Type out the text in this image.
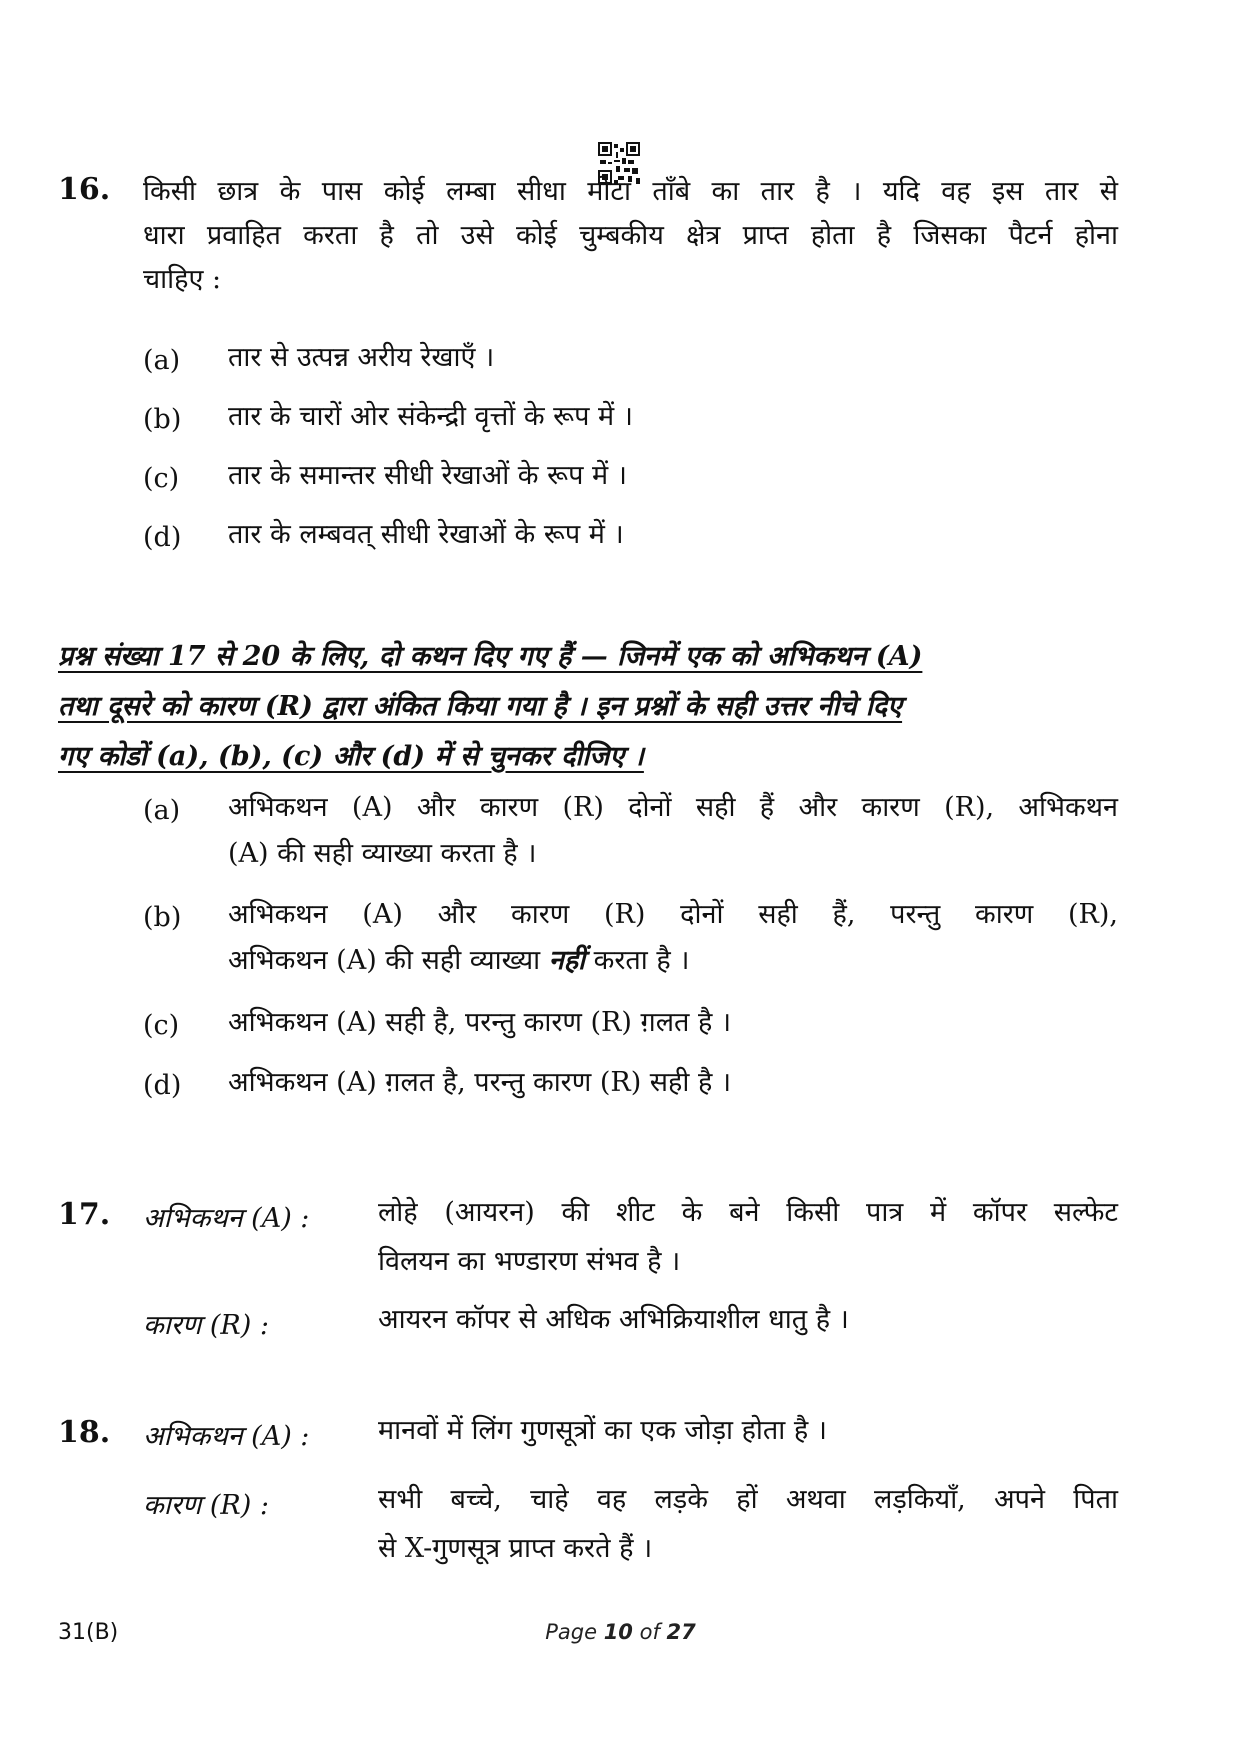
16. किसी छात्र के पास कोई लम्बा सीधा मोटा ताँबे का तार है । यदि वह इस तार से
धारा प्रवाहित करता है तो उसे कोई चुम्बकीय क्षेत्र प्राप्त होता है जिसका पैटर्न होना
चाहिए :
(a) तार से उत्पन्न अरीय रेखाएँ ।
(b) तार के चारों ओर संकेन्द्री वृत्तों के रूप में ।
(c) तार के समान्तर सीधी रेखाओं के रूप में ।
(d) तार के लम्बवत् सीधी रेखाओं के रूप में ।
प्रश्न संख्या 17 से 20 के लिए, दो कथन दिए गए हैं — जिनमें एक को अभिकथन (A)
तथा दूसरे को कारण (R) द्वारा अंकित किया गया है । इन प्रश्नों के सही उत्तर नीचे दिए
गए कोडों (a), (b), (c) और (d) में से चुनकर दीजिए ।
(a) अभिकथन (A) और कारण (R) दोनों सही हैं और कारण (R), अभिकथन
(A) की सही व्याख्या करता है ।
(b) अभिकथन (A) और कारण (R) दोनों सही हैं, परन्तु कारण (R),
अभिकथन (A) की सही व्याख्या नहीं करता है ।
(c) अभिकथन (A) सही है, परन्तु कारण (R) ग़लत है ।
(d) अभिकथन (A) ग़लत है, परन्तु कारण (R) सही है ।
17. अभिकथन (A) :	लोहे (आयरन) की शीट के बने किसी पात्र में कॉपर सल्फेट
विलयन का भण्डारण संभव है ।
कारण (R) :	आयरन कॉपर से अधिक अभिक्रियाशील धातु है ।
18. अभिकथन (A) :	मानवों में लिंग गुणसूत्रों का एक जोड़ा होता है ।
कारण (R) :	सभी बच्चे, चाहे वह लड़के हों अथवा लड़कियाँ, अपने पिता
से X-गुणसूत्र प्राप्त करते हैं ।
31(B)	Page 10 of 27
